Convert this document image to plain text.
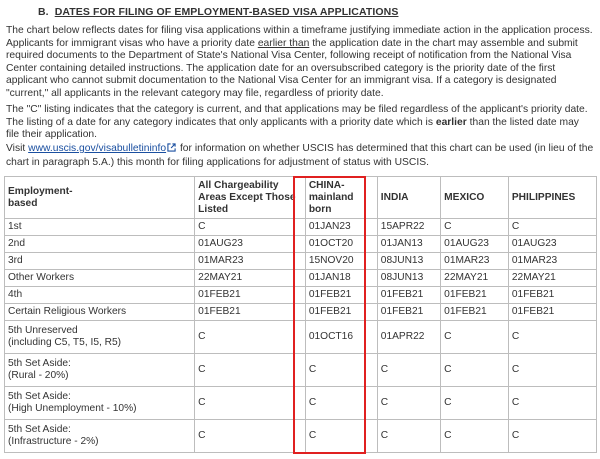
B. DATES FOR FILING OF EMPLOYMENT-BASED VISA APPLICATIONS

The chart below reflects dates for filing visa applications within a timeframe justifying immediate action in the application process. Applicants for immigrant visas who have a priority date earlier than the application date in the chart may assemble and submit required documents to the Department of State's National Visa Center, following receipt of notification from the National Visa Center containing detailed instructions. The application date for an oversubscribed category is the priority date of the first applicant who cannot submit documentation to the National Visa Center for an immigrant visa. If a category is designated "current," all applicants in the relevant category may file, regardless of priority date.

The "C" listing indicates that the category is current, and that applications may be filed regardless of the applicant's priority date. The listing of a date for any category indicates that only applicants with a priority date which is earlier than the listed date may file their application.

Visit www.uscis.gov/visabulletininfo for information on whether USCIS has determined that this chart can be used (in lieu of the chart in paragraph 5.A.) this month for filing applications for adjustment of status with USCIS.

Employment-
based	All Chargeability Areas Except Those Listed	CHINA-
mainland
born	INDIA	MEXICO	PHILIPPINES
1st	C	01JAN23	15APR22	C	C
2nd	01AUG23	01OCT20	01JAN13	01AUG23	01AUG23
3rd	01MAR23	15NOV20	08JUN13	01MAR23	01MAR23
Other Workers	22MAY21	01JAN18	08JUN13	22MAY21	22MAY21
4th	01FEB21	01FEB21	01FEB21	01FEB21	01FEB21
Certain Religious Workers	01FEB21	01FEB21	01FEB21	01FEB21	01FEB21
5th Unreserved
(including C5, T5, I5, R5)	C	01OCT16	01APR22	C	C
5th Set Aside:
(Rural - 20%)	C	C	C	C	C
5th Set Aside:
(High Unemployment - 10%)	C	C	C	C	C
5th Set Aside:
(Infrastructure - 2%)	C	C	C	C	C
